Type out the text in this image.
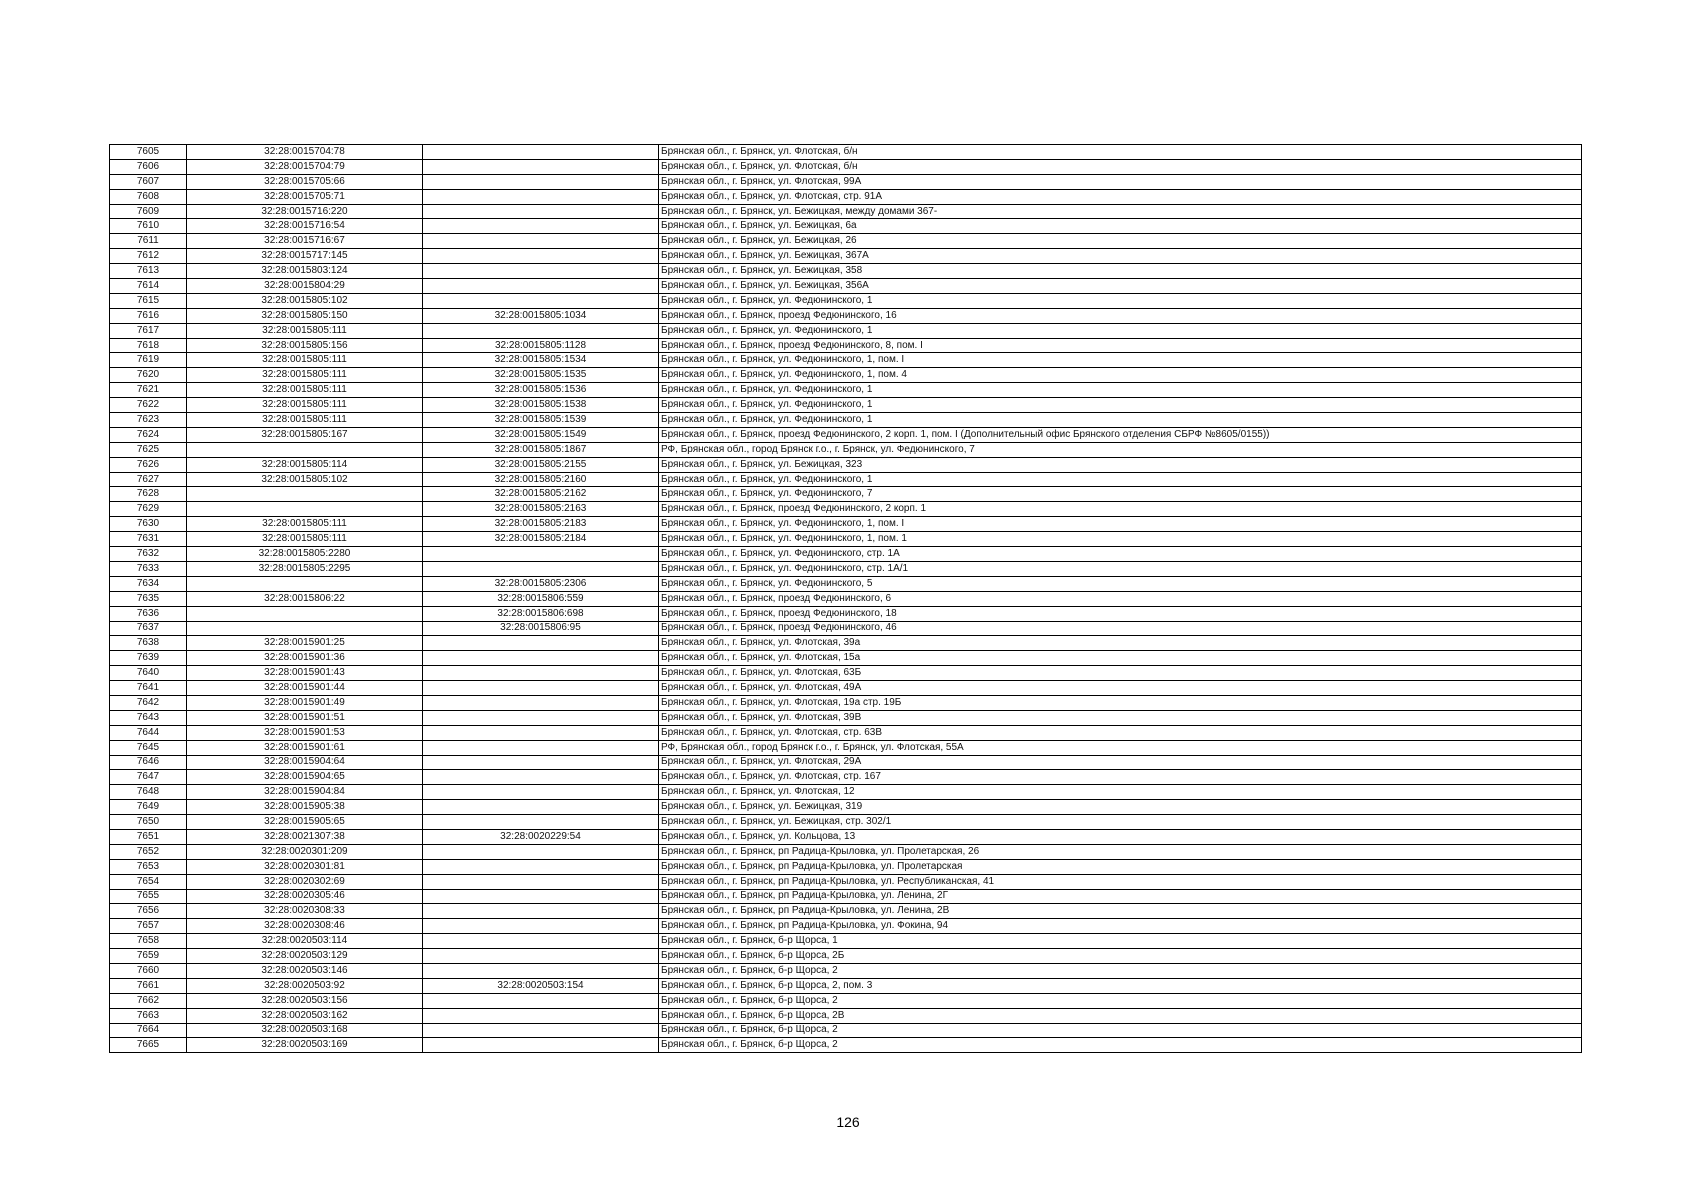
7605	32:28:0015704:78		Брянская обл., г. Брянск, ул. Флотская, б/н
7606	32:28:0015704:79		Брянская обл., г. Брянск, ул. Флотская, б/н
7607	32:28:0015705:66		Брянская обл., г. Брянск, ул. Флотская, 99А
7608	32:28:0015705:71		Брянская обл., г. Брянск, ул. Флотская, стр. 91А
7609	32:28:0015716:220		Брянская обл., г. Брянск, ул. Бежицкая, между домами 367-
7610	32:28:0015716:54		Брянская обл., г. Брянск, ул. Бежицкая, 6а
7611	32:28:0015716:67		Брянская обл., г. Брянск, ул. Бежицкая, 26
7612	32:28:0015717:145		Брянская обл., г. Брянск, ул. Бежицкая, 367А
7613	32:28:0015803:124		Брянская обл., г. Брянск, ул. Бежицкая, 358
7614	32:28:0015804:29		Брянская обл., г. Брянск, ул. Бежицкая, 356А
7615	32:28:0015805:102		Брянская обл., г. Брянск, ул. Федюнинского, 1
7616	32:28:0015805:150	32:28:0015805:1034	Брянская обл., г. Брянск, проезд Федюнинского, 16
7617	32:28:0015805:111		Брянская обл., г. Брянск, ул. Федюнинского, 1
7618	32:28:0015805:156	32:28:0015805:1128	Брянская обл., г. Брянск, проезд Федюнинского, 8, пом. I
7619	32:28:0015805:111	32:28:0015805:1534	Брянская обл., г. Брянск, ул. Федюнинского, 1, пом. I
7620	32:28:0015805:111	32:28:0015805:1535	Брянская обл., г. Брянск, ул. Федюнинского, 1, пом. 4
7621	32:28:0015805:111	32:28:0015805:1536	Брянская обл., г. Брянск, ул. Федюнинского, 1
7622	32:28:0015805:111	32:28:0015805:1538	Брянская обл., г. Брянск, ул. Федюнинского, 1
7623	32:28:0015805:111	32:28:0015805:1539	Брянская обл., г. Брянск, ул. Федюнинского, 1
7624	32:28:0015805:167	32:28:0015805:1549	Брянская обл., г. Брянск, проезд Федюнинского, 2 корп. 1, пом. I (Дополнительный офис Брянского отделения СБРФ №8605/0155))
7625		32:28:0015805:1867	РФ, Брянская обл., город Брянск г.о., г. Брянск, ул. Федюнинского, 7
7626	32:28:0015805:114	32:28:0015805:2155	Брянская обл., г. Брянск, ул. Бежицкая, 323
7627	32:28:0015805:102	32:28:0015805:2160	Брянская обл., г. Брянск, ул. Федюнинского, 1
7628		32:28:0015805:2162	Брянская обл., г. Брянск, ул. Федюнинского, 7
7629		32:28:0015805:2163	Брянская обл., г. Брянск, проезд Федюнинского, 2 корп. 1
7630	32:28:0015805:111	32:28:0015805:2183	Брянская обл., г. Брянск, ул. Федюнинского, 1, пом. I
7631	32:28:0015805:111	32:28:0015805:2184	Брянская обл., г. Брянск, ул. Федюнинского, 1, пом. 1
7632	32:28:0015805:2280		Брянская обл., г. Брянск, ул. Федюнинского, стр. 1А
7633	32:28:0015805:2295		Брянская обл., г. Брянск, ул. Федюнинского, стр. 1А/1
7634		32:28:0015805:2306	Брянская обл., г. Брянск, ул. Федюнинского, 5
7635	32:28:0015806:22	32:28:0015806:559	Брянская обл., г. Брянск, проезд Федюнинского, 6
7636		32:28:0015806:698	Брянская обл., г. Брянск, проезд Федюнинского, 18
7637		32:28:0015806:95	Брянская обл., г. Брянск, проезд Федюнинского, 46
7638	32:28:0015901:25		Брянская обл., г. Брянск, ул. Флотская, 39а
7639	32:28:0015901:36		Брянская обл., г. Брянск, ул. Флотская, 15а
7640	32:28:0015901:43		Брянская обл., г. Брянск, ул. Флотская, 63Б
7641	32:28:0015901:44		Брянская обл., г. Брянск, ул. Флотская, 49А
7642	32:28:0015901:49		Брянская обл., г. Брянск, ул. Флотская, 19а стр. 19Б
7643	32:28:0015901:51		Брянская обл., г. Брянск, ул. Флотская, 39В
7644	32:28:0015901:53		Брянская обл., г. Брянск, ул. Флотская, стр. 63В
7645	32:28:0015901:61		РФ, Брянская обл., город Брянск г.о., г. Брянск, ул. Флотская, 55А
7646	32:28:0015904:64		Брянская обл., г. Брянск, ул. Флотская, 29А
7647	32:28:0015904:65		Брянская обл., г. Брянск, ул. Флотская, стр. 167
7648	32:28:0015904:84		Брянская обл., г. Брянск, ул. Флотская, 12
7649	32:28:0015905:38		Брянская обл., г. Брянск, ул. Бежицкая, 319
7650	32:28:0015905:65		Брянская обл., г. Брянск, ул. Бежицкая, стр. 302/1
7651	32:28:0021307:38	32:28:0020229:54	Брянская обл., г. Брянск, ул. Кольцова, 13
7652	32:28:0020301:209		Брянская обл., г. Брянск, рп Радица-Крыловка, ул. Пролетарская, 26
7653	32:28:0020301:81		Брянская обл., г. Брянск, рп Радица-Крыловка, ул. Пролетарская
7654	32:28:0020302:69		Брянская обл., г. Брянск, рп Радица-Крыловка, ул. Республиканская, 41
7655	32:28:0020305:46		Брянская обл., г. Брянск, рп Радица-Крыловка, ул. Ленина, 2Г
7656	32:28:0020308:33		Брянская обл., г. Брянск, рп Радица-Крыловка, ул. Ленина, 2В
7657	32:28:0020308:46		Брянская обл., г. Брянск, рп Радица-Крыловка, ул. Фокина, 94
7658	32:28:0020503:114		Брянская обл., г. Брянск, б-р Щорса, 1
7659	32:28:0020503:129		Брянская обл., г. Брянск, б-р Щорса, 2Б
7660	32:28:0020503:146		Брянская обл., г. Брянск, б-р Щорса, 2
7661	32:28:0020503:92	32:28:0020503:154	Брянская обл., г. Брянск, б-р Щорса, 2, пом. 3
7662	32:28:0020503:156		Брянская обл., г. Брянск, б-р Щорса, 2
7663	32:28:0020503:162		Брянская обл., г. Брянск, б-р Щорса, 2В
7664	32:28:0020503:168		Брянская обл., г. Брянск, б-р Щорса, 2
7665	32:28:0020503:169		Брянская обл., г. Брянск, б-р Щорса, 2
126
